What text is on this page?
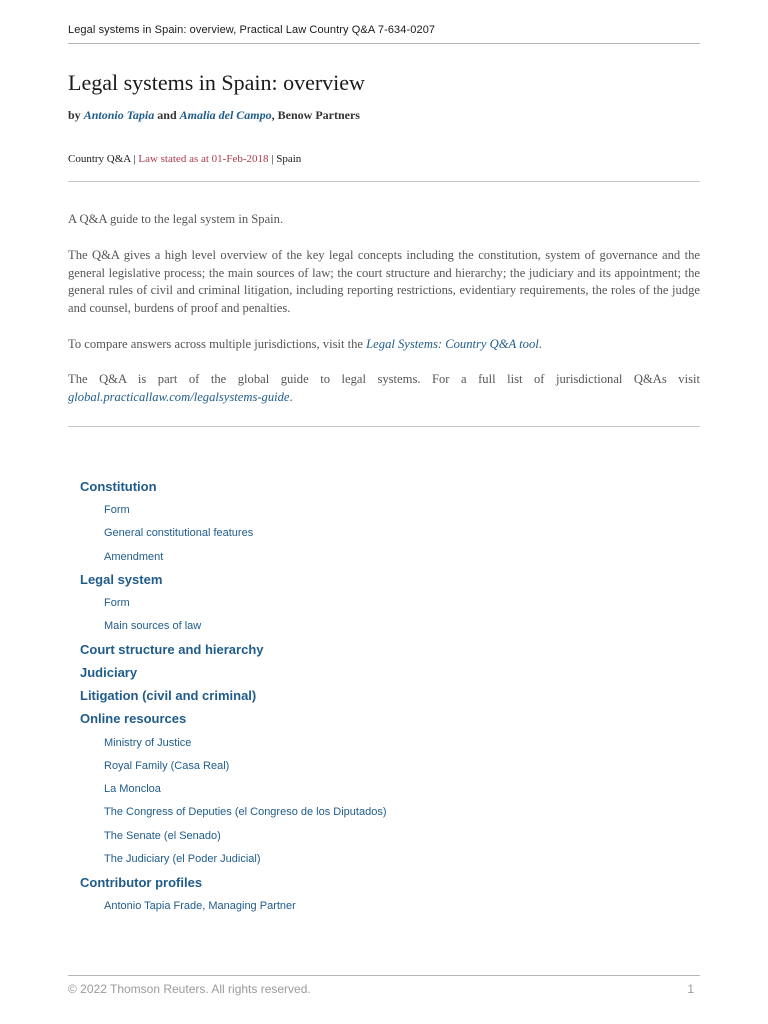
Legal systems in Spain: overview, Practical Law Country Q&A 7-634-0207
Legal systems in Spain: overview
by Antonio Tapia and Amalia del Campo, Benow Partners
Country Q&A | Law stated as at 01-Feb-2018 | Spain

A Q&A guide to the legal system in Spain.

The Q&A gives a high level overview of the key legal concepts including the constitution, system of governance and the general legislative process; the main sources of law; the court structure and hierarchy; the judiciary and its appointment; the general rules of civil and criminal litigation, including reporting restrictions, evidentiary requirements, the roles of the judge and counsel, burdens of proof and penalties.

To compare answers across multiple jurisdictions, visit the Legal Systems: Country Q&A tool.

The Q&A is part of the global guide to legal systems. For a full list of jurisdictional Q&As visit global.practicallaw.com/legalsystems-guide.

Constitution
Form
General constitutional features
Amendment
Legal system
Form
Main sources of law
Court structure and hierarchy
Judiciary
Litigation (civil and criminal)
Online resources
Ministry of Justice
Royal Family (Casa Real)
La Moncloa
The Congress of Deputies (el Congreso de los Diputados)
The Senate (el Senado)
The Judiciary (el Poder Judicial)
Contributor profiles
Antonio Tapia Frade, Managing Partner
© 2022 Thomson Reuters. All rights reserved.	1
